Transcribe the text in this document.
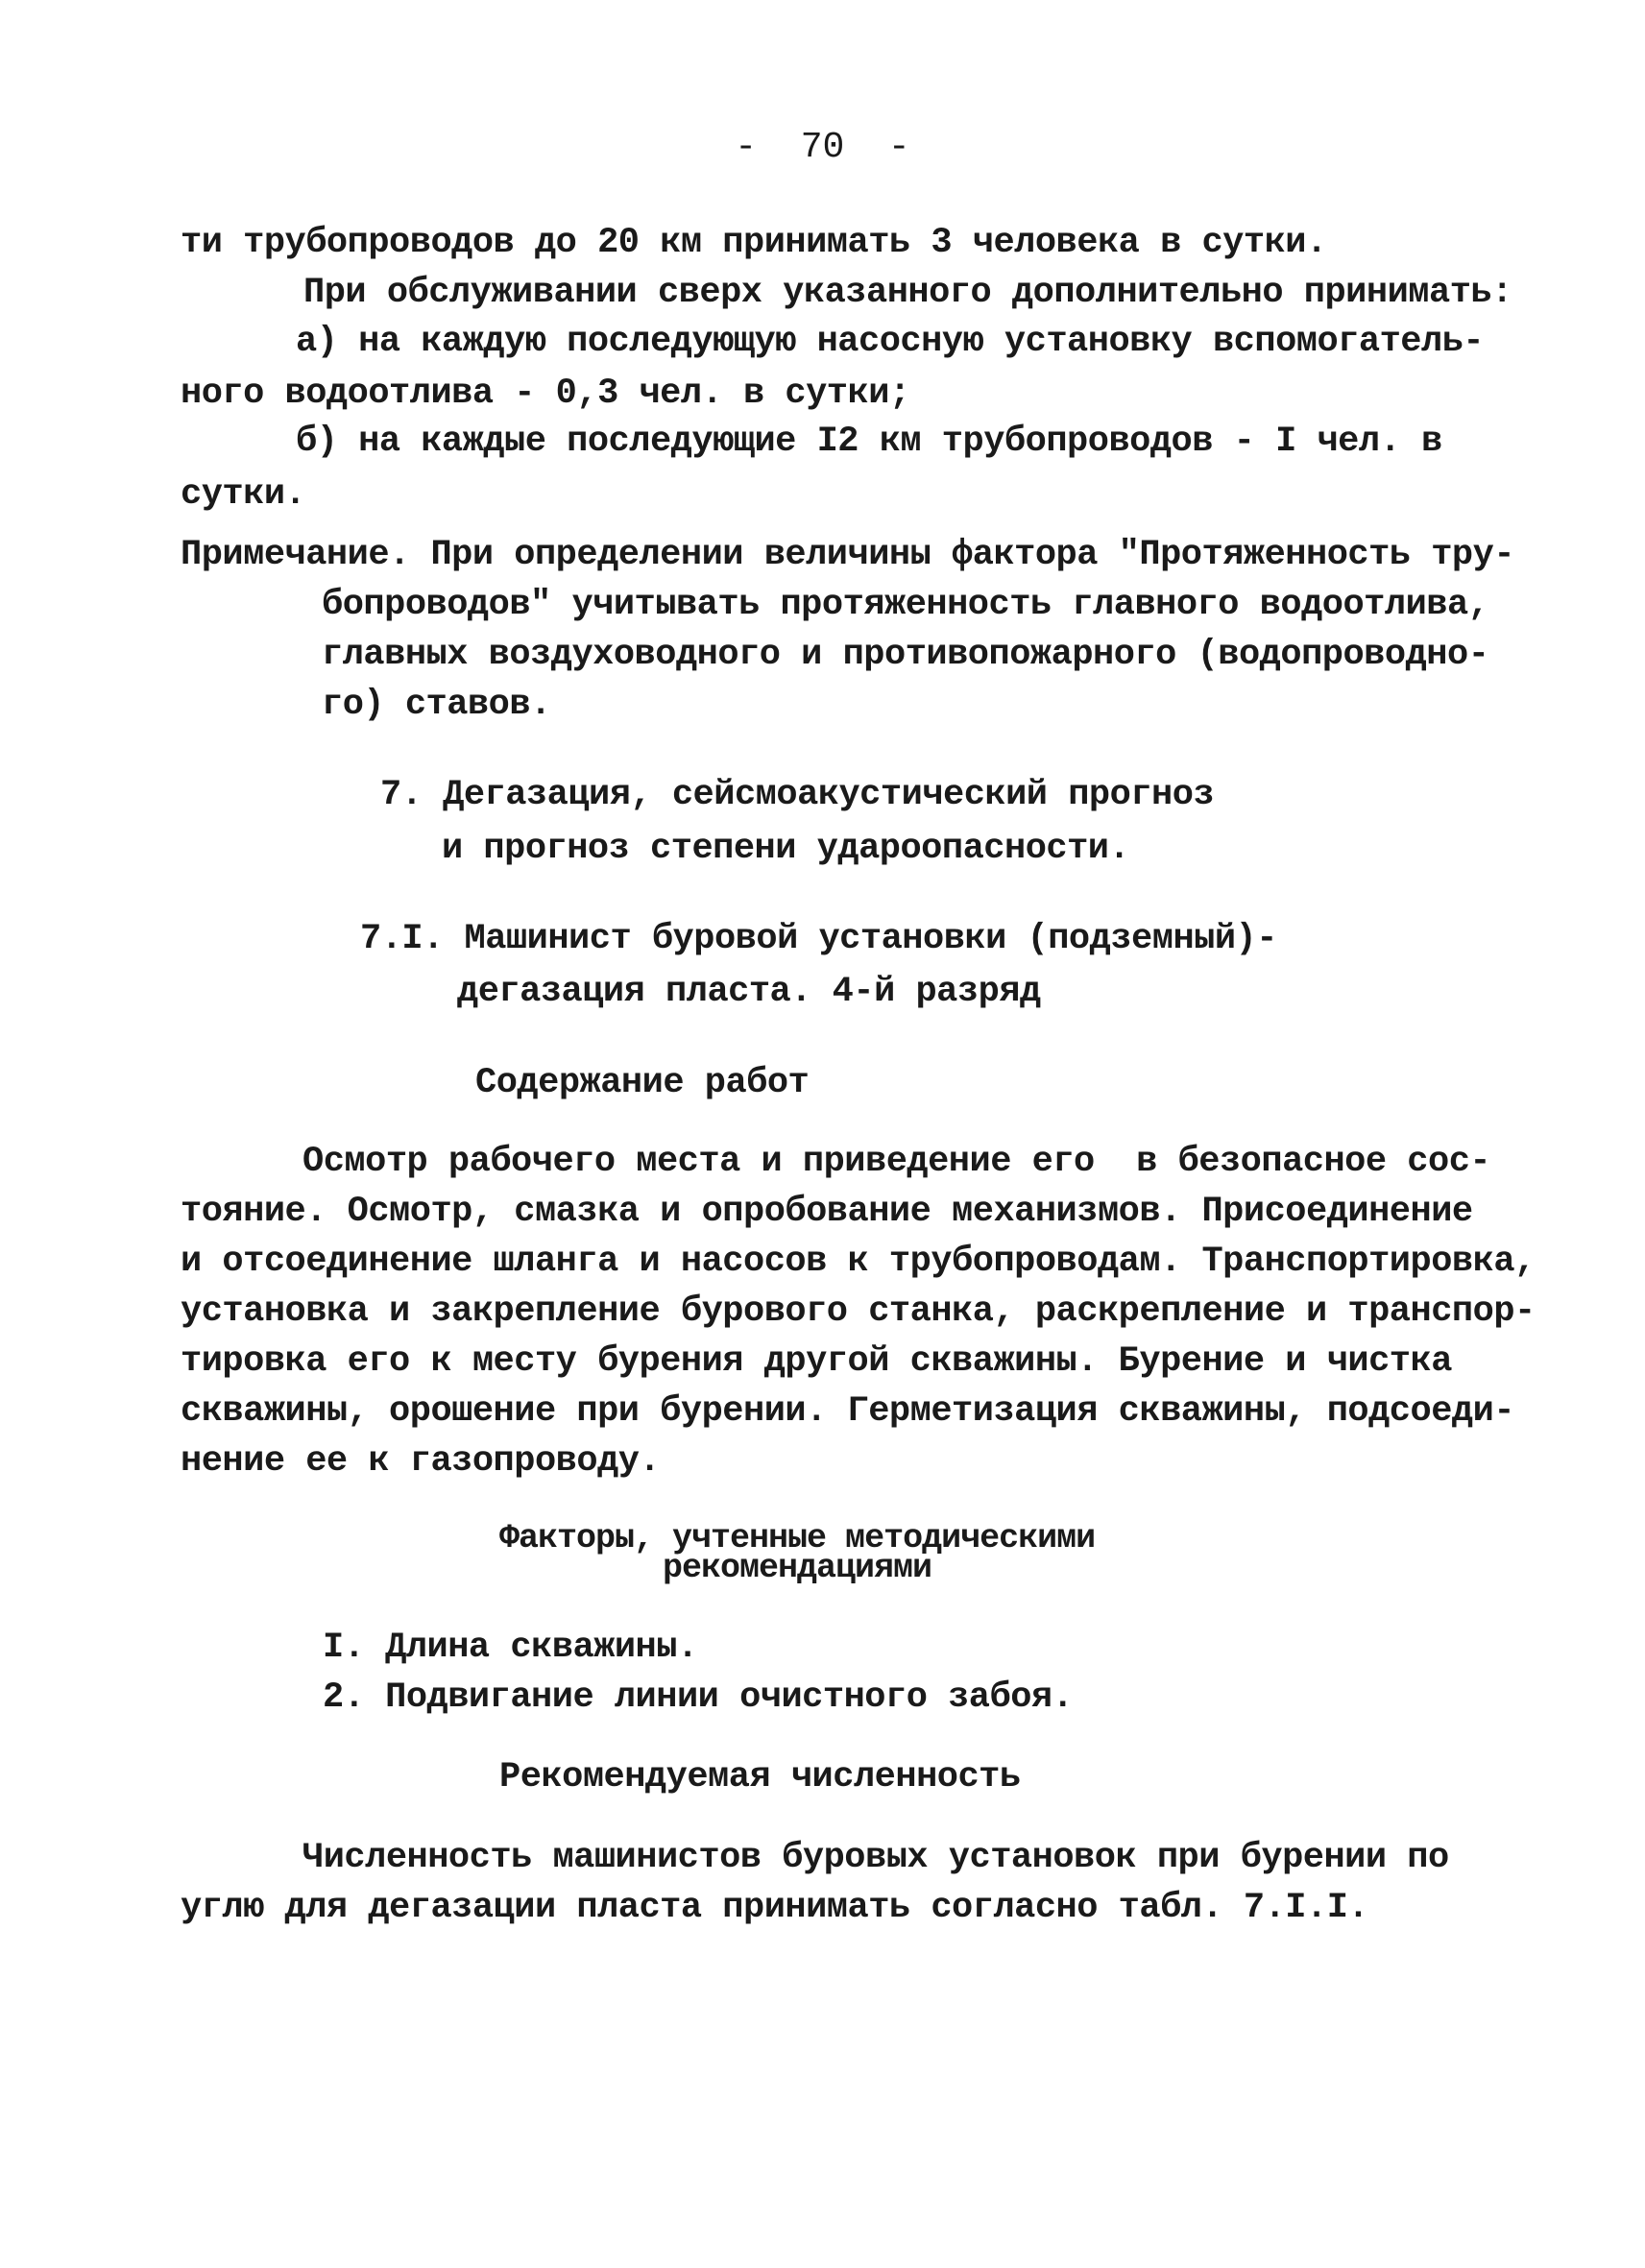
-  70  -
ти трубопроводов до 20 км принимать 3 человека в сутки.
При обслуживании сверх указанного дополнительно принимать:
а) на каждую последующую насосную установку вспомогатель-
ного водоотлива - 0,3 чел. в сутки;
б) на каждые последующие I2 км трубопроводов - I чел. в
сутки.
Примечание. При определении величины фактора "Протяженность тру-
бопроводов" учитывать протяженность главного водоотлива,
главных воздуховодного и противопожарного (водопроводно-
го) ставов.
7. Дегазация, сейсмоакустический прогноз
и прогноз степени удароопасности.
7.I. Машинист буровой установки (подземный)-
дегазация пласта. 4-й разряд
Содержание работ
Осмотр рабочего места и приведение его  в безопасное сос-
тояние. Осмотр, смазка и опробование механизмов. Присоединение
и отсоединение шланга и насосов к трубопроводам. Транспортировка,
установка и закрепление бурового станка, раскрепление и транспор-
тировка его к месту бурения другой скважины. Бурение и чистка
скважины, орошение при бурении. Герметизация скважины, подсоеди-
нение ее к газопроводу.
Факторы, учтенные методическими
рекомендациями
I. Длина скважины.
2. Подвигание линии очистного забоя.
Рекомендуемая численность
Численность машинистов буровых установок при бурении по
углю для дегазации пласта принимать согласно табл. 7.I.I.
